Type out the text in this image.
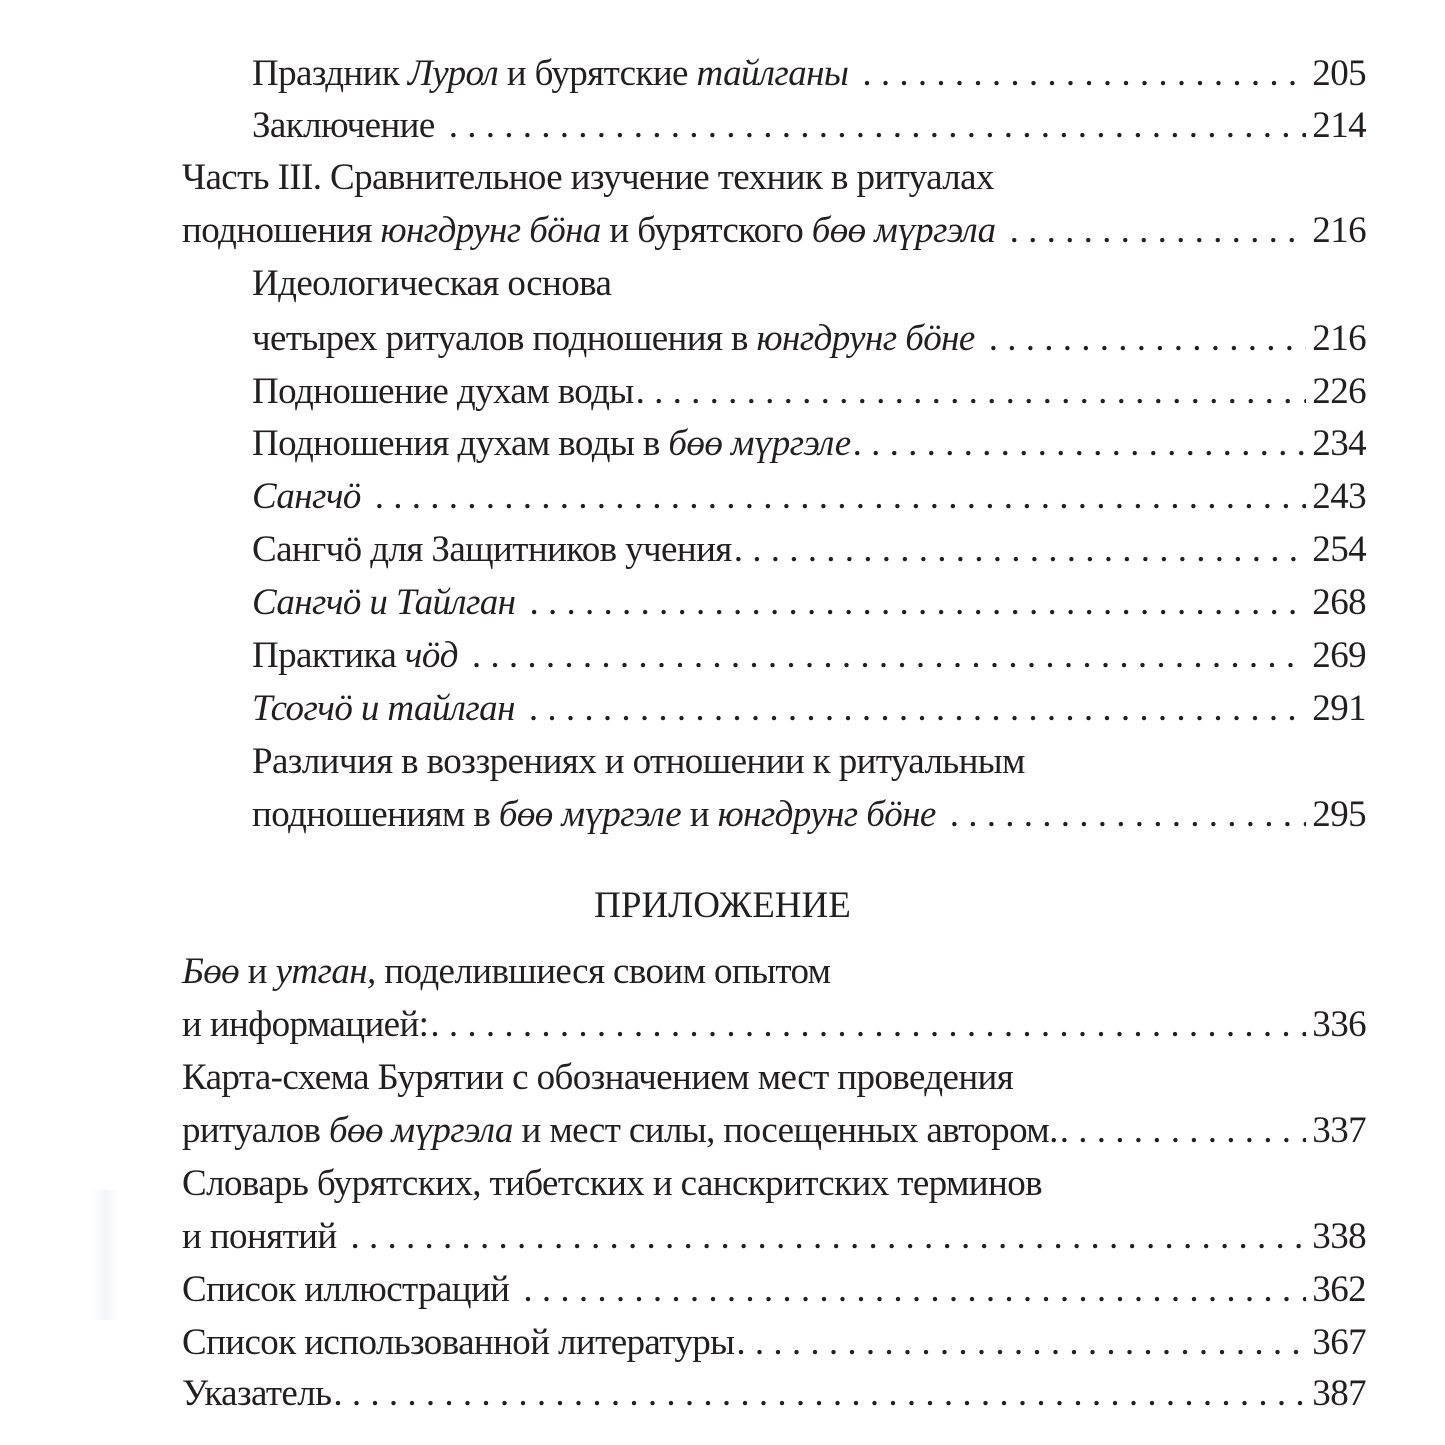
Праздник Лурол и бурятские тайлганы . . .	205
Заключение . . .	214
Часть III. Сравнительное изучение техник в ритуалах
подношения юнгдрунг бӧна и бурятского бөө мүргэла . . .	216
Идеологическая основа
четырех ритуалов подношения в юнгдрунг бӧне . . .	216
Подношение духам воды . . .	226
Подношения духам воды в бөө мүргэле . . .	234
Сангчӧ . . .	243
Сангчӧ для Защитников учения . . .	254
Сангчӧ и Тайлган . . .	268
Практика чӧд . . .	269
Тсогчӧ и тайлган . . .	291
Различия в воззрениях и отношении к ритуальным
подношениям в бөө мүргэле и юнгдрунг бӧне . . .	295
ПРИЛОЖЕНИЕ
Бөө и утган, поделившиеся своим опытом
и информацией: . . .	336
Карта-схема Бурятии с обозначением мест проведения
ритуалов бөө мүргэла и мест силы, посещенных автором. . . .	337
Словарь бурятских, тибетских и санскритских терминов
и понятий . . .	338
Список иллюстраций . . .	362
Список использованной литературы . . .	367
Указатель . . .	387
